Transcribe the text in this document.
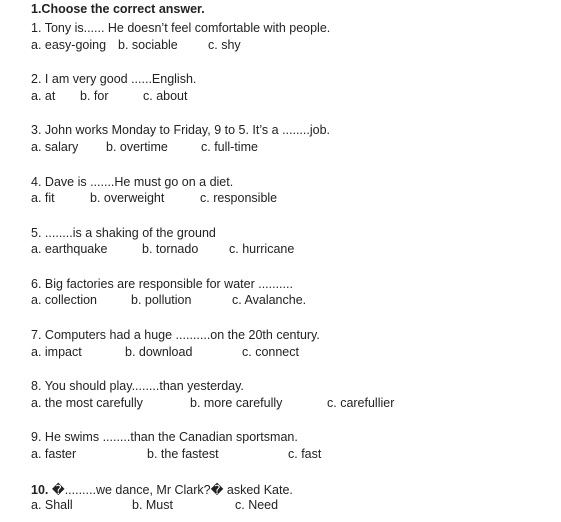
1.Choose the correct answer.
1. Tony is...... He doesn’t feel comfortable with people.
a. easy-going b. sociable c. shy
2. I am very good ......English.
a. at b. for	c. about
3. John works Monday to Friday, 9 to 5. It’s a ........job.
a. salary b. overtime	c. full-time
4. Dave is .......He must go on a diet.
a. fit	b. overweight	c. responsible
5. ........is a shaking of the ground
a. earthquake	b. tornado c. hurricane
6. Big factories are responsible for water ..........
a. collection	b. pollution	c. Avalanche.
7. Computers had a huge ..........on the 20th century.
a. impact	b. download	c. connect
8. You should play........than yesterday.
a. the most carefully	b. more carefully	c. carefullier
9. He swims ........than the Canadian sportsman.
a. faster	b. the fastest	c. fast
10. �.........we dance, Mr Clark?� asked Kate.
a. Shall	b. Must	c. Need
